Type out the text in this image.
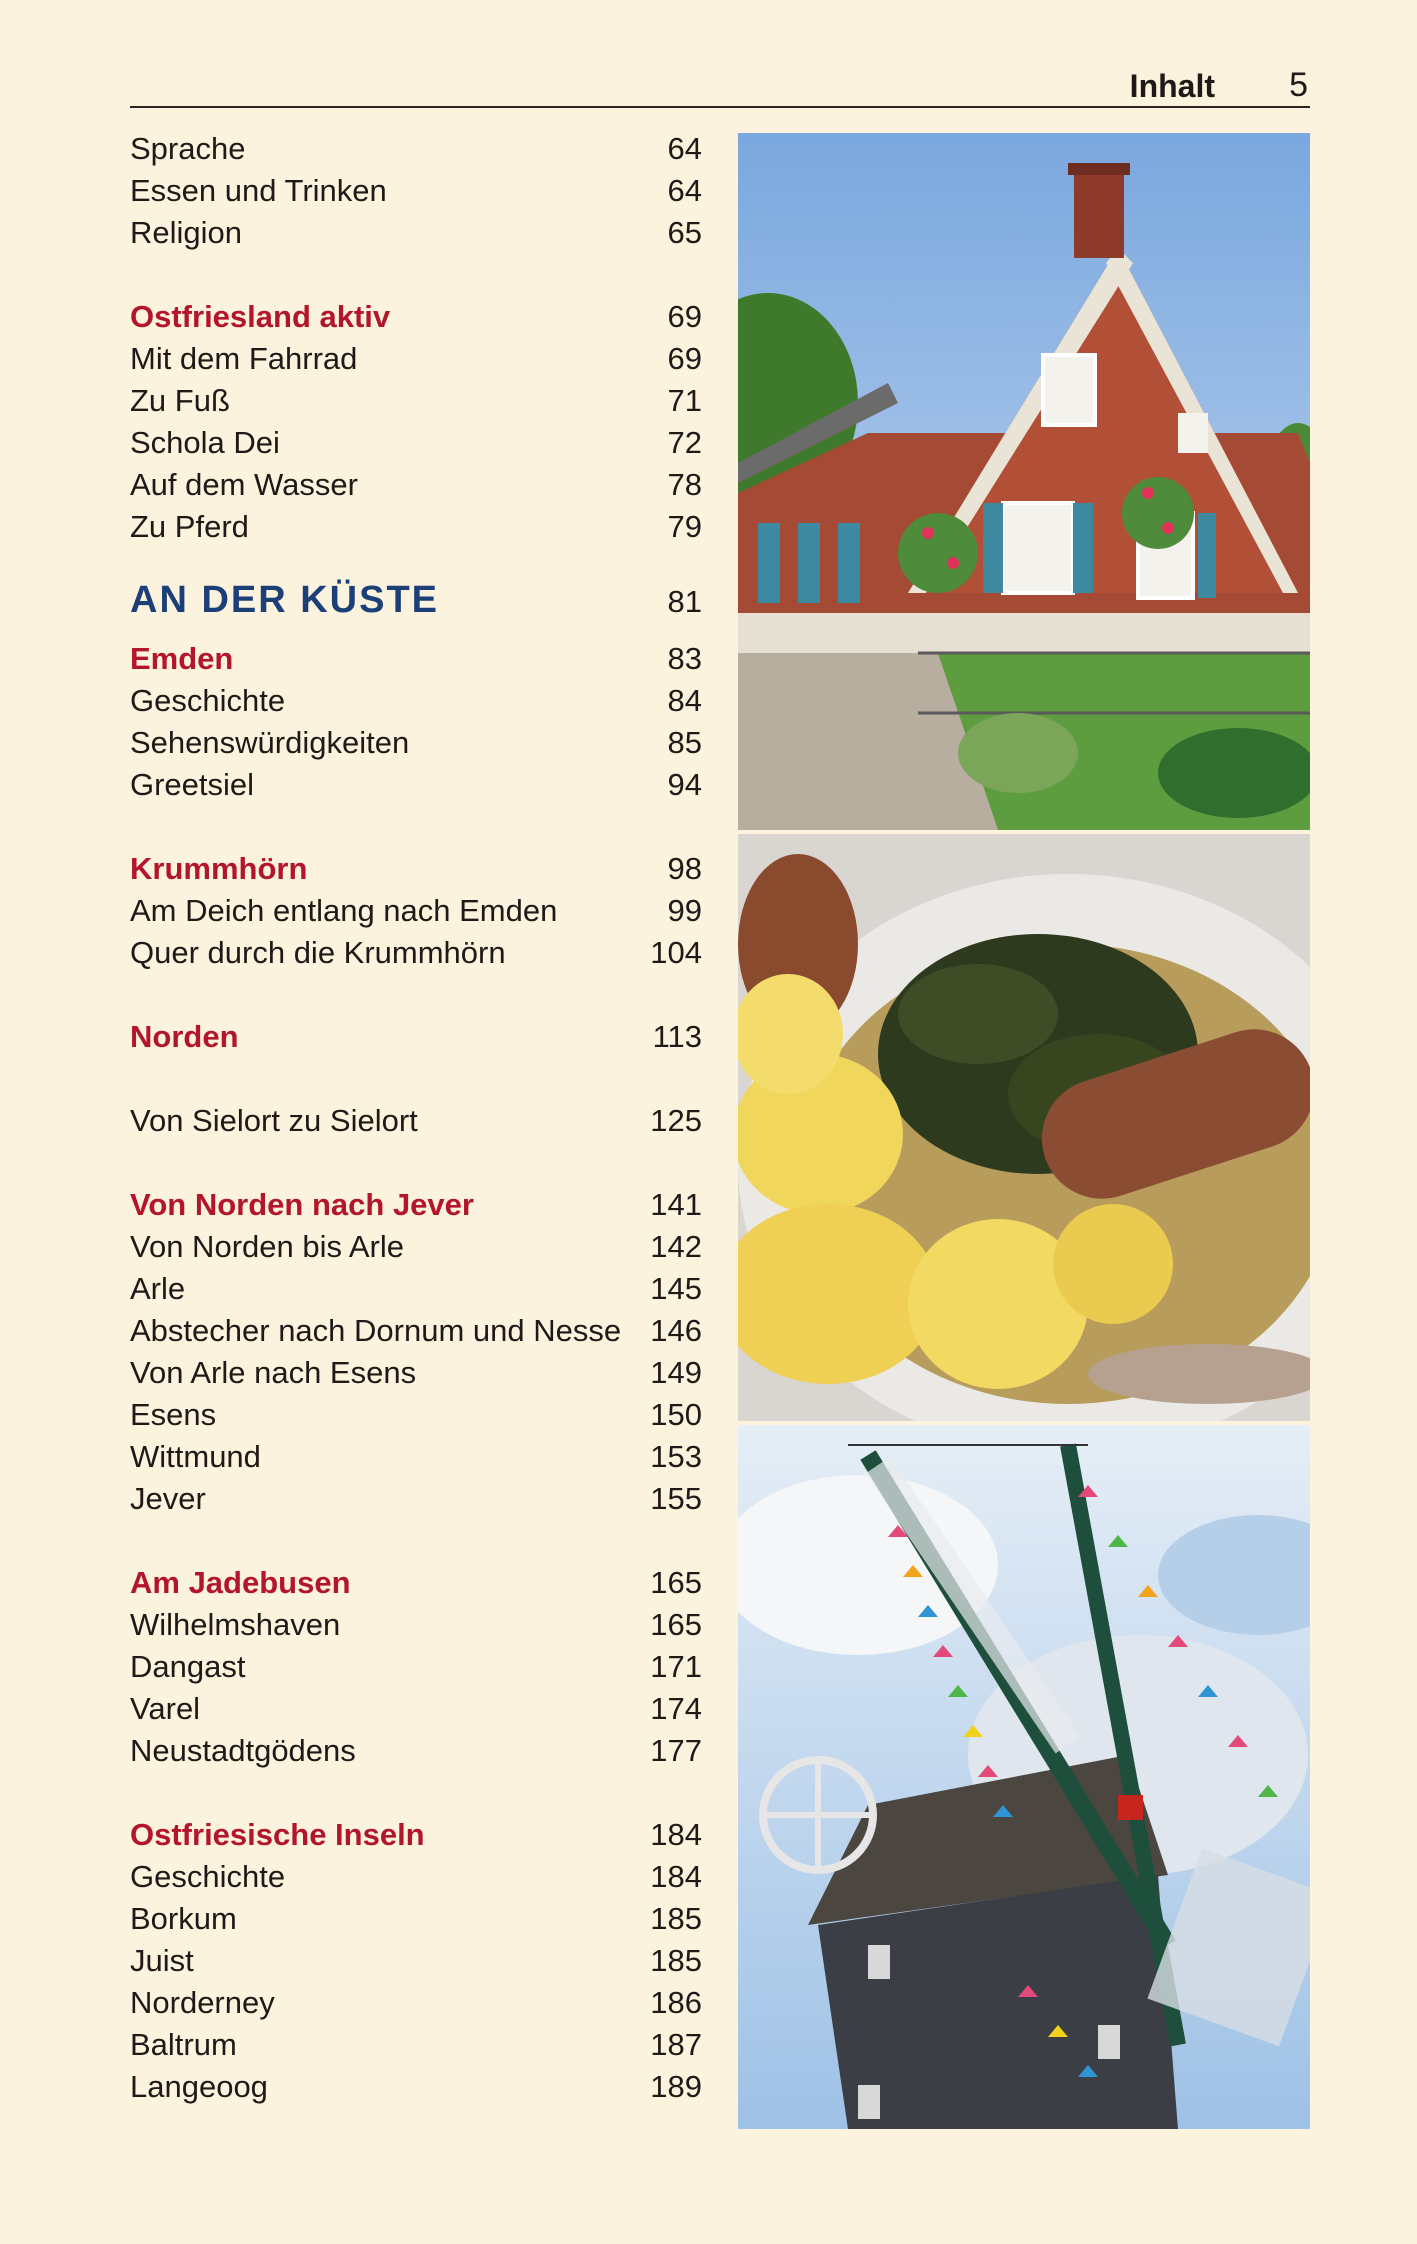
Inhalt 5
Sprache	64
Essen und Trinken	64
Religion	65
Ostfriesland aktiv	69
Mit dem Fahrrad	69
Zu Fuß	71
Schola Dei	72
Auf dem Wasser	78
Zu Pferd	79
AN DER KÜSTE	81
Emden	83
Geschichte	84
Sehenswürdigkeiten	85
Greetsiel	94
Krummhörn	98
Am Deich entlang nach Emden	99
Quer durch die Krummhörn	104
Norden	113
Von Sielort zu Sielort	125
Von Norden nach Jever	141
Von Norden bis Arle	142
Arle	145
Abstecher nach Dornum und Nesse 146
Von Arle nach Esens	149
Esens	150
Wittmund	153
Jever	155
Am Jadebusen	165
Wilhelmshaven	165
Dangast	171
Varel	174
Neustadtgödens	177
Ostfriesische Inseln	184
Geschichte	184
Borkum	185
Juist	185
Norderney	186
Baltrum	187
Langeoog	189
